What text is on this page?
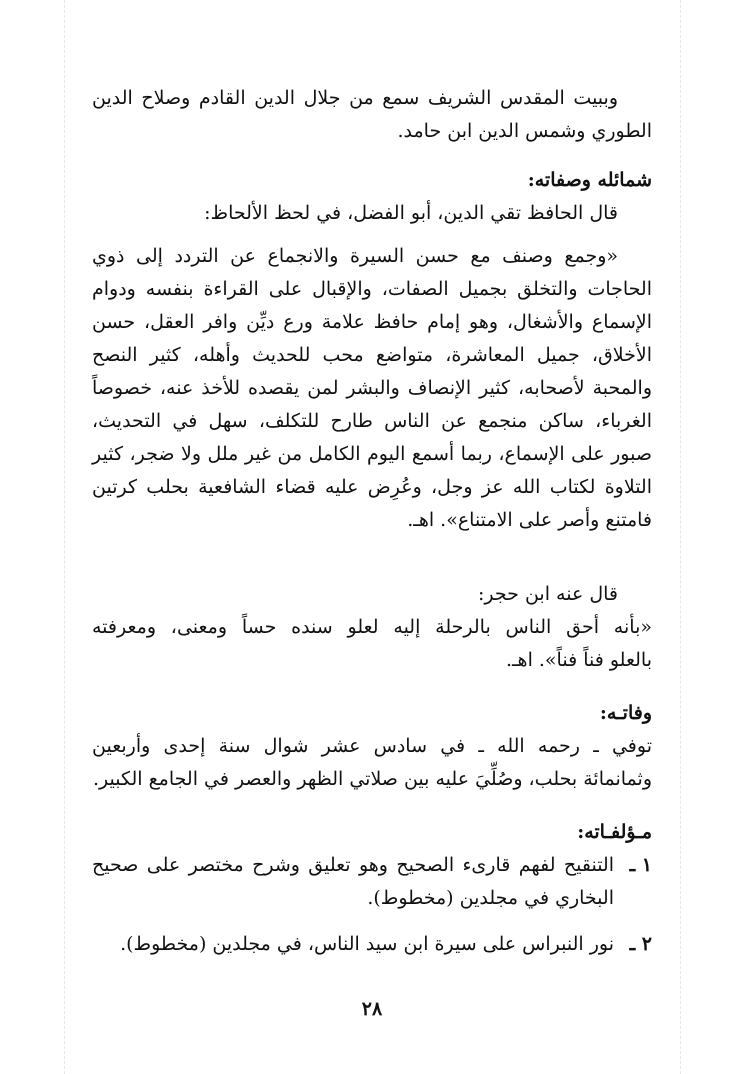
وببيت المقدس الشريف سمع من جلال الدين القادم وصلاح الدين
الطوري وشمس الدين ابن حامد.
شمائله وصفاته:
قال الحافظ تقي الدين، أبو الفضل، في لحظ الألحاظ:
«وجمع وصنف مع حسن السيرة والانجماع عن التردد إلى ذوي
الحاجات والتخلق بجميل الصفات، والإقبال على القراءة بنفسه ودوام
الإسماع والأشغال، وهو إمام حافظ علامة ورع ديِّن وافر العقل، حسن
الأخلاق، جميل المعاشرة، متواضع محب للحديث وأهله، كثير النصح
والمحبة لأصحابه، كثير الإنصاف والبشر لمن يقصده للأخذ عنه، خصوصاً
الغرباء، ساكن منجمع عن الناس طارح للتكلف، سهل في التحديث،
صبور على الإسماع، ربما أسمع اليوم الكامل من غير ملل ولا ضجر، كثير
التلاوة لكتاب الله عز وجل، وعُرِض عليه قضاء الشافعية بحلب كرتين
فامتنع وأصر على الامتناع». اهـ.
قال عنه ابن حجر:
«بأنه أحق الناس بالرحلة إليه لعلو سنده حساً ومعنى، ومعرفته
بالعلو فناً فناً». اهـ.
وفاتـه:
توفي ـ رحمه الله ـ في سادس عشر شوال سنة إحدى وأربعين
وثمانمائة بحلب، وصُلِّيَ عليه بين صلاتي الظهر والعصر في الجامع الكبير.
مـؤلفـاته:
١ ـ
التنقيح لفهم قارىء الصحيح وهو تعليق وشرح مختصر على صحيح
البخاري في مجلدين (مخطوط).
٢ ـ
نور النبراس على سيرة ابن سيد الناس، في مجلدين (مخطوط).
٢٨
